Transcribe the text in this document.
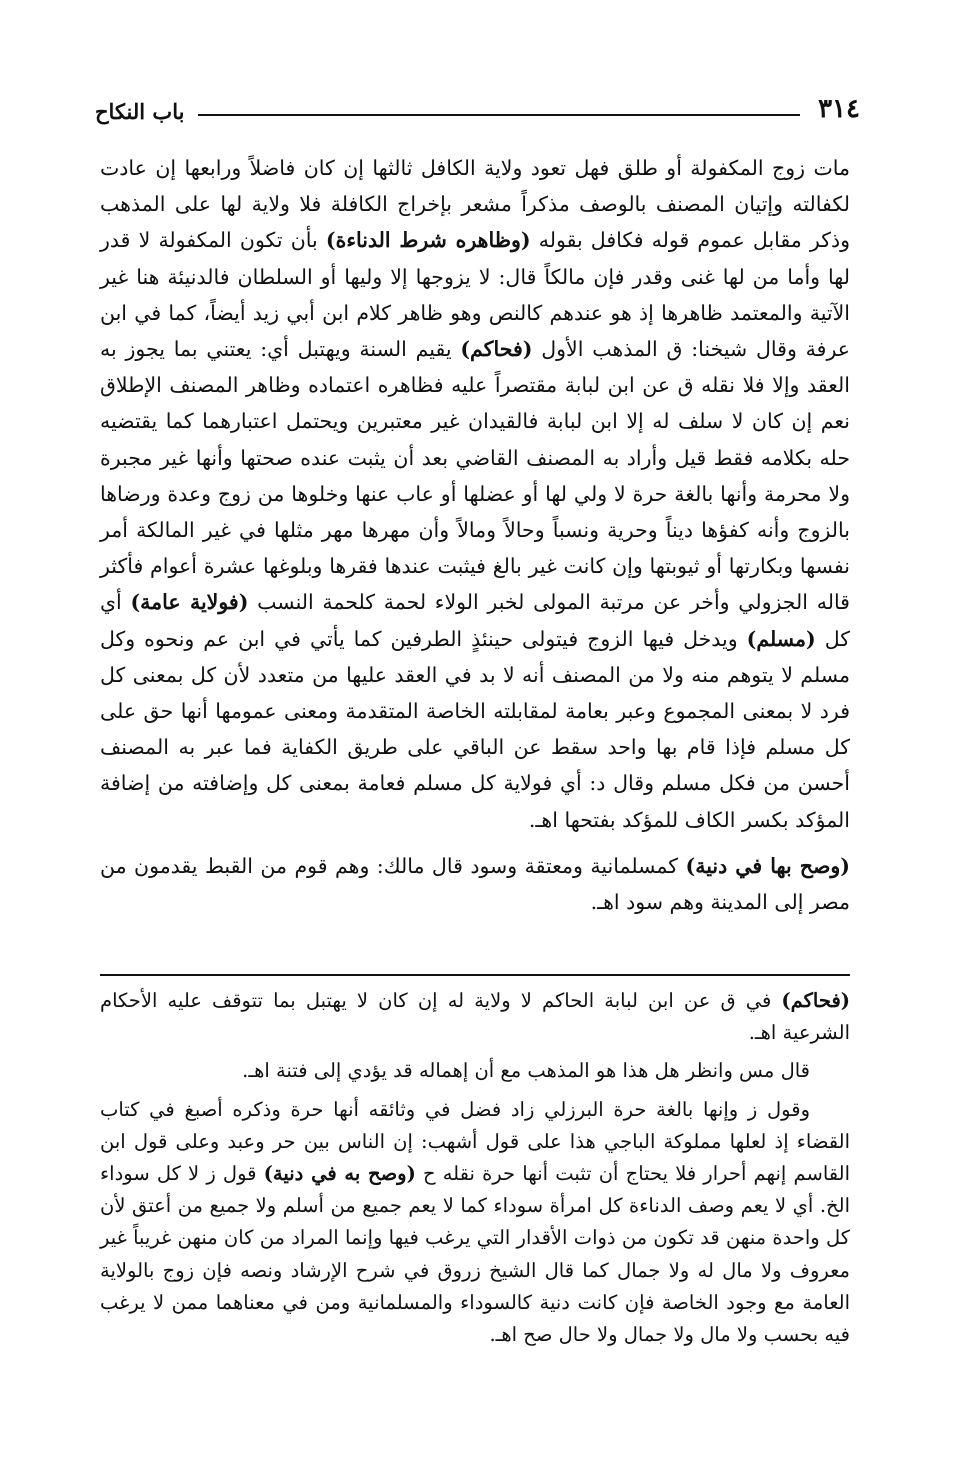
٣١٤
باب النكاح

مات زوج المكفولة أو طلق فهل تعود ولاية الكافل ثالثها إن كان فاضلاً ورابعها إن عادت لكفالته وإتيان المصنف بالوصف مذكراً مشعر بإخراج الكافلة فلا ولاية لها على المذهب وذكر مقابل عموم قوله فكافل بقوله (وظاهره شرط الدناءة) بأن تكون المكفولة لا قدر لها وأما من لها غنى وقدر فإن مالكاً قال: لا يزوجها إلا وليها أو السلطان فالدنيئة هنا غير الآتية والمعتمد ظاهرها إذ هو عندهم كالنص وهو ظاهر كلام ابن أبي زيد أيضاً، كما في ابن عرفة وقال شيخنا: ق المذهب الأول (فحاكم) يقيم السنة ويهتبل أي: يعتني بما يجوز به العقد وإلا فلا نقله ق عن ابن لبابة مقتصراً عليه فظاهره اعتماده وظاهر المصنف الإطلاق نعم إن كان لا سلف له إلا ابن لبابة فالقيدان غير معتبرين ويحتمل اعتبارهما كما يقتضيه حله بكلامه فقط قيل وأراد به المصنف القاضي بعد أن يثبت عنده صحتها وأنها غير مجبرة ولا محرمة وأنها بالغة حرة لا ولي لها أو عضلها أو عاب عنها وخلوها من زوج وعدة ورضاها بالزوج وأنه كفؤها ديناً وحرية ونسباً وحالاً ومالاً وأن مهرها مهر مثلها في غير المالكة أمر نفسها وبكارتها أو ثيوبتها وإن كانت غير بالغ فيثبت عندها فقرها وبلوغها عشرة أعوام فأكثر قاله الجزولي وأخر عن مرتبة المولى لخبر الولاء لحمة كلحمة النسب (فولاية عامة) أي كل (مسلم) ويدخل فيها الزوج فيتولى حينئذٍ الطرفين كما يأتي في ابن عم ونحوه وكل مسلم لا يتوهم منه ولا من المصنف أنه لا بد في العقد عليها من متعدد لأن كل بمعنى كل فرد لا بمعنى المجموع وعبر بعامة لمقابلته الخاصة المتقدمة ومعنى عمومها أنها حق على كل مسلم فإذا قام بها واحد سقط عن الباقي على طريق الكفاية فما عبر به المصنف أحسن من فكل مسلم وقال د: أي فولاية كل مسلم فعامة بمعنى كل وإضافته من إضافة المؤكد بكسر الكاف للمؤكد بفتحها اهـ.

(وصح بها في دنية) كمسلمانية ومعتقة وسود قال مالك: وهم قوم من القبط يقدمون من مصر إلى المدينة وهم سود اهـ.

(فحاكم) في ق عن ابن لبابة الحاكم لا ولاية له إن كان لا يهتبل بما تتوقف عليه الأحكام الشرعية اهـ.

قال مس وانظر هل هذا هو المذهب مع أن إهماله قد يؤدي إلى فتنة اهـ.

وقول ز وإنها بالغة حرة البرزلي زاد فضل في وثائقه أنها حرة وذكره أصبغ في كتاب القضاء إذ لعلها مملوكة الباجي هذا على قول أشهب: إن الناس بين حر وعبد وعلى قول ابن القاسم إنهم أحرار فلا يحتاج أن تثبت أنها حرة نقله ح (وصح به في دنية) قول ز لا كل سوداء الخ. أي لا يعم وصف الدناءة كل امرأة سوداء كما لا يعم جميع من أسلم ولا جميع من أعتق لأن كل واحدة منهن قد تكون من ذوات الأقدار التي يرغب فيها وإنما المراد من كان منهن غريباً غير معروف ولا مال له ولا جمال كما قال الشيخ زروق في شرح الإرشاد ونصه فإن زوج بالولاية العامة مع وجود الخاصة فإن كانت دنية كالسوداء والمسلمانية ومن في معناهما ممن لا يرغب فيه بحسب ولا مال ولا جمال ولا حال صح اهـ.
